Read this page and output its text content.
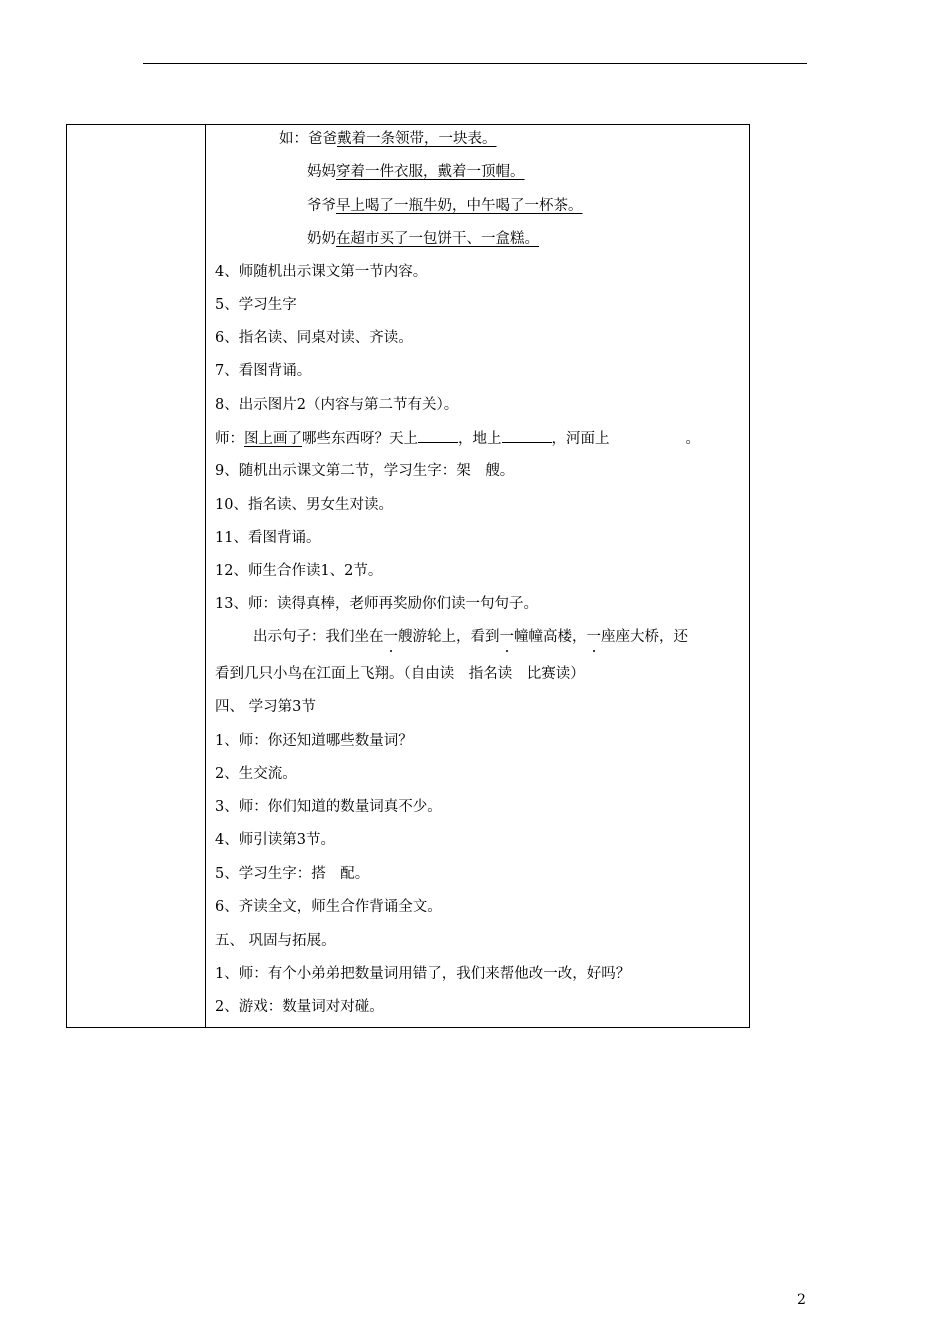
如：爸爸戴着一条领带，一块表。
妈妈穿着一件衣服，戴着一顶帽。
爷爷早上喝了一瓶牛奶，中午喝了一杯茶。
奶奶在超市买了一包饼干、一盒糕。
4、师随机出示课文第一节内容。
5、学习生字
6、指名读、同桌对读、齐读。
7、看图背诵。
8、出示图片2（内容与第二节有关）。
师：图上画了哪些东西呀？天上	，地上	，河面上	。
9、随机出示课文第二节，学习生字：架　艘。
10、指名读、男女生对读。
11、看图背诵。
12、师生合作读1、2节。
13、师：读得真棒，老师再奖励你们读一句句子。
出示句子：我们坐在一艘游轮上，看到一幢幢高楼，一座座大桥，还
看到几只小鸟在江面上飞翔。（自由读　指名读　比赛读）
四、 学习第3节
1、师：你还知道哪些数量词？
2、生交流。
3、师：你们知道的数量词真不少。
4、师引读第3节。
5、学习生字：搭　配。
6、齐读全文，师生合作背诵全文。
五、 巩固与拓展。
1、师：有个小弟弟把数量词用错了，我们来帮他改一改，好吗？
2、游戏：数量词对对碰。
2
